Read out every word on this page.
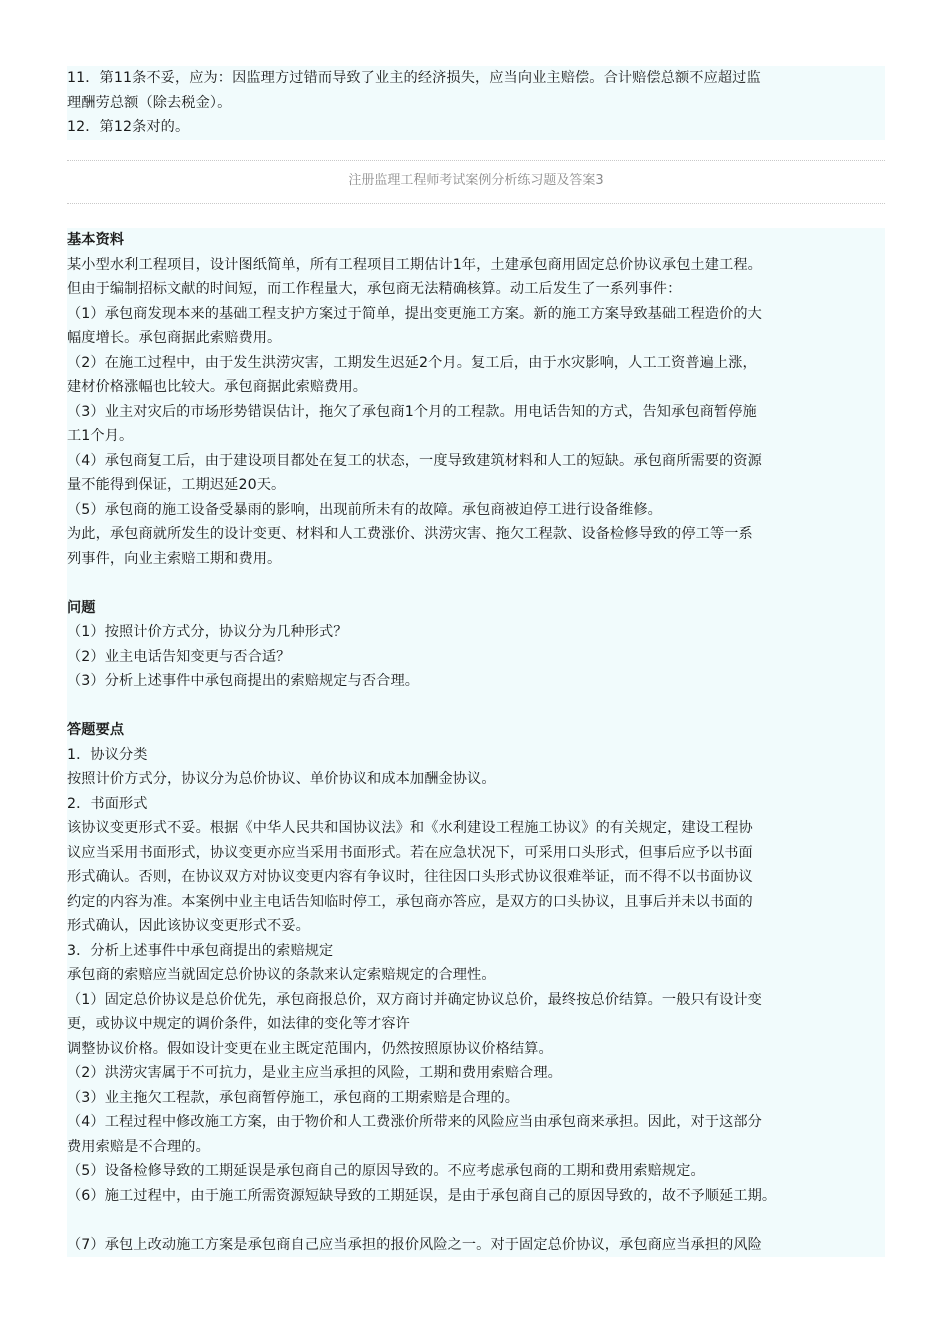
11．第11条不妥，应为：因监理方过错而导致了业主的经济损失，应当向业主赔偿。合计赔偿总额不应超过监
理酬劳总额（除去税金）。
12．第12条对的。
注册监理工程师考试案例分析练习题及答案3
基本资料
某小型水利工程项目，设计图纸简单，所有工程项目工期估计1年，土建承包商用固定总价协议承包土建工程。
但由于编制招标文献的时间短，而工作程量大，承包商无法精确核算。动工后发生了一系列事件：
（1）承包商发现本来的基础工程支护方案过于简单，提出变更施工方案。新的施工方案导致基础工程造价的大
幅度增长。承包商据此索赔费用。
（2）在施工过程中，由于发生洪涝灾害，工期发生迟延2个月。复工后，由于水灾影响，人工工资普遍上涨，
建材价格涨幅也比较大。承包商据此索赔费用。
（3）业主对灾后的市场形势错误估计，拖欠了承包商1个月的工程款。用电话告知的方式，告知承包商暂停施
工1个月。
（4）承包商复工后，由于建设项目都处在复工的状态，一度导致建筑材料和人工的短缺。承包商所需要的资源
量不能得到保证，工期迟延20天。
（5）承包商的施工设备受暴雨的影响，出现前所未有的故障。承包商被迫停工进行设备维修。
为此，承包商就所发生的设计变更、材料和人工费涨价、洪涝灾害、拖欠工程款、设备检修导致的停工等一系
列事件，向业主索赔工期和费用。
问题
（1）按照计价方式分，协议分为几种形式？
（2）业主电话告知变更与否合适？
（3）分析上述事件中承包商提出的索赔规定与否合理。
答题要点
1．协议分类
按照计价方式分，协议分为总价协议、单价协议和成本加酬金协议。
2．书面形式
该协议变更形式不妥。根据《中华人民共和国协议法》和《水利建设工程施工协议》的有关规定，建设工程协
议应当采用书面形式，协议变更亦应当采用书面形式。若在应急状况下，可采用口头形式，但事后应予以书面
形式确认。否则，在协议双方对协议变更内容有争议时，往往因口头形式协议很难举证，而不得不以书面协议
约定的内容为准。本案例中业主电话告知临时停工，承包商亦答应，是双方的口头协议，且事后并未以书面的
形式确认，因此该协议变更形式不妥。
3．分析上述事件中承包商提出的索赔规定
承包商的索赔应当就固定总价协议的条款来认定索赔规定的合理性。
（1）固定总价协议是总价优先，承包商报总价，双方商讨并确定协议总价，最终按总价结算。一般只有设计变
更，或协议中规定的调价条件，如法律的变化等才容许
调整协议价格。假如设计变更在业主既定范围内，仍然按照原协议价格结算。
（2）洪涝灾害属于不可抗力，是业主应当承担的风险，工期和费用索赔合理。
（3）业主拖欠工程款，承包商暂停施工，承包商的工期索赔是合理的。
（4）工程过程中修改施工方案，由于物价和人工费涨价所带来的风险应当由承包商来承担。因此，对于这部分
费用索赔是不合理的。
（5）设备检修导致的工期延误是承包商自己的原因导致的。不应考虑承包商的工期和费用索赔规定。
（6）施工过程中，由于施工所需资源短缺导致的工期延误，是由于承包商自己的原因导致的，故不予顺延工期。
（7）承包上改动施工方案是承包商自己应当承担的报价风险之一。对于固定总价协议，承包商应当承担的风险
